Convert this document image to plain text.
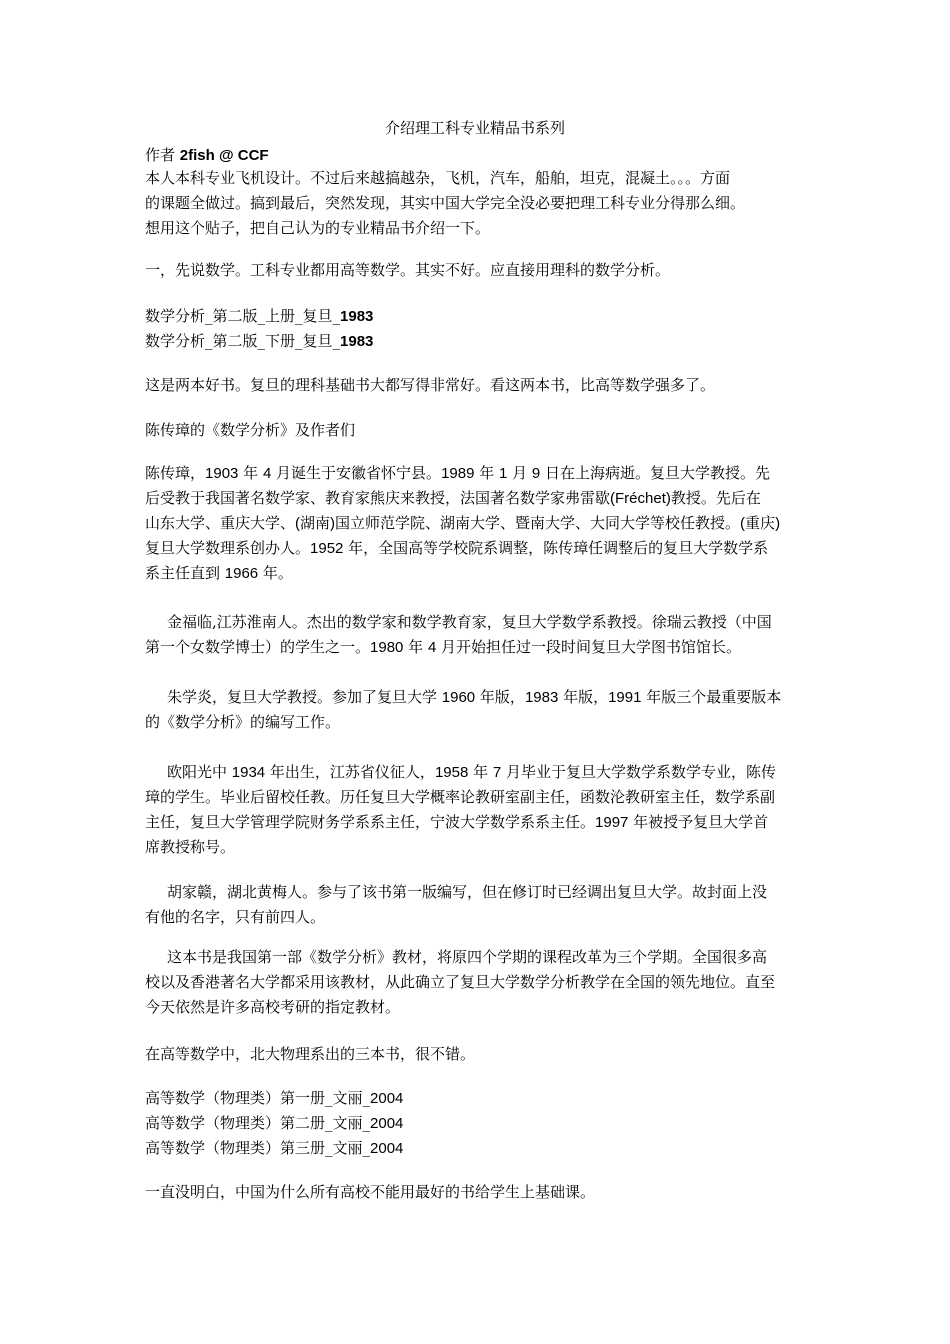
介绍理工科专业精品书系列

作者 2fish @ CCF

本人本科专业飞机设计。不过后来越搞越杂，飞机，汽车，船舶，坦克，混凝土。。。方面
的课题全做过。搞到最后，突然发现，其实中国大学完全没必要把理工科专业分得那么细。
想用这个贴子，把自己认为的专业精品书介绍一下。

一，先说数学。工科专业都用高等数学。其实不好。应直接用理科的数学分析。

数学分析_第二版_上册_复旦_1983
数学分析_第二版_下册_复旦_1983

这是两本好书。复旦的理科基础书大都写得非常好。看这两本书，比高等数学强多了。

陈传璋的《数学分析》及作者们

陈传璋，1903 年 4 月诞生于安徽省怀宁县。1989 年 1 月 9 日在上海病逝。复旦大学教授。先
后受教于我国著名数学家、教育家熊庆来教授，法国著名数学家弗雷歇(Fréchet)教授。先后在
山东大学、重庆大学、(湖南)国立师范学院、湖南大学、暨南大学、大同大学等校任教授。(重庆)
复旦大学数理系创办人。1952 年，全国高等学校院系调整，陈传璋任调整后的复旦大学数学系
系主任直到 1966 年。

金福临,江苏淮南人。杰出的数学家和数学教育家，复旦大学数学系教授。徐瑞云教授（中国
第一个女数学博士）的学生之一。1980 年 4 月开始担任过一段时间复旦大学图书馆馆长。

朱学炎，复旦大学教授。参加了复旦大学 1960 年版，1983 年版，1991 年版三个最重要版本
的《数学分析》的编写工作。

欧阳光中 1934 年出生，江苏省仪征人，1958 年 7 月毕业于复旦大学数学系数学专业，陈传
璋的学生。毕业后留校任教。历任复旦大学概率论教研室副主任，函数沦教研室主任，数学系副
主任，复旦大学管理学院财务学系系主任，宁波大学数学系系主任。1997 年被授予复旦大学首
席教授称号。

胡家赣，湖北黄梅人。参与了该书第一版编写，但在修订时已经调出复旦大学。故封面上没
有他的名字，只有前四人。

这本书是我国第一部《数学分析》教材，将原四个学期的课程改革为三个学期。全国很多高
校以及香港著名大学都采用该教材，从此确立了复旦大学数学分析教学在全国的领先地位。直至
今天依然是许多高校考研的指定教材。

在高等数学中，北大物理系出的三本书，很不错。

高等数学（物理类）第一册_文丽_2004
高等数学（物理类）第二册_文丽_2004
高等数学（物理类）第三册_文丽_2004

一直没明白，中国为什么所有高校不能用最好的书给学生上基础课。
